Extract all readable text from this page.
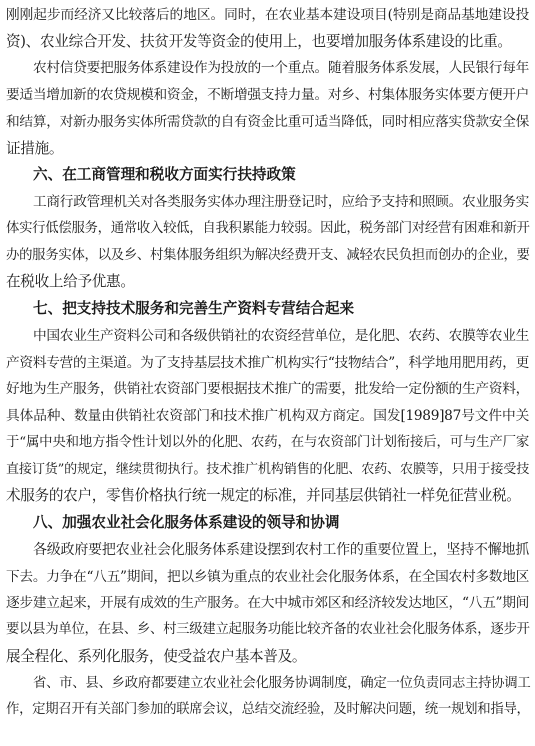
刚刚起步而经济又比较落后的地区。同时，在农业基本建设项目(特别是商品基地建设投
资)、农业综合开发、扶贫开发等资金的使用上，也要增加服务体系建设的比重。
农村信贷要把服务体系建设作为投放的一个重点。随着服务体系发展，人民银行每年
要适当增加新的农贷规模和资金，不断增强支持力量。对乡、村集体服务实体要方便开户
和结算，对新办服务实体所需贷款的自有资金比重可适当降低，同时相应落实贷款安全保
证措施。
六、在工商管理和税收方面实行扶持政策
工商行政管理机关对各类服务实体办理注册登记时，应给予支持和照顾。农业服务实
体实行低偿服务，通常收入较低，自我积累能力较弱。因此，税务部门对经营有困难和新开
办的服务实体，以及乡、村集体服务组织为解决经费开支、减轻农民负担而创办的企业，要
在税收上给予优惠。
七、把支持技术服务和完善生产资料专营结合起来
中国农业生产资料公司和各级供销社的农资经营单位，是化肥、农药、农膜等农业生
产资料专营的主渠道。为了支持基层技术推广机构实行“技物结合”，科学地用肥用药，更
好地为生产服务，供销社农资部门要根据技术推广的需要，批发给一定份额的生产资料，
具体品种、数量由供销社农资部门和技术推广机构双方商定。国发[1989]87号文件中关
于“属中央和地方指令性计划以外的化肥、农药，在与农资部门计划衔接后，可与生产厂家
直接订货”的规定，继续贯彻执行。技术推广机构销售的化肥、农药、农膜等，只用于接受技
术服务的农户，零售价格执行统一规定的标准，并同基层供销社一样免征营业税。
八、加强农业社会化服务体系建设的领导和协调
各级政府要把农业社会化服务体系建设摆到农村工作的重要位置上，坚持不懈地抓
下去。力争在“八五”期间，把以乡镇为重点的农业社会化服务体系，在全国农村多数地区
逐步建立起来，开展有成效的生产服务。在大中城市郊区和经济较发达地区，“八五”期间
要以县为单位，在县、乡、村三级建立起服务功能比较齐备的农业社会化服务体系，逐步开
展全程化、系列化服务，使受益农户基本普及。
省、市、县、乡政府都要建立农业社会化服务协调制度，确定一位负责同志主持协调工
作，定期召开有关部门参加的联席会议，总结交流经验，及时解决问题，统一规划和指导，
